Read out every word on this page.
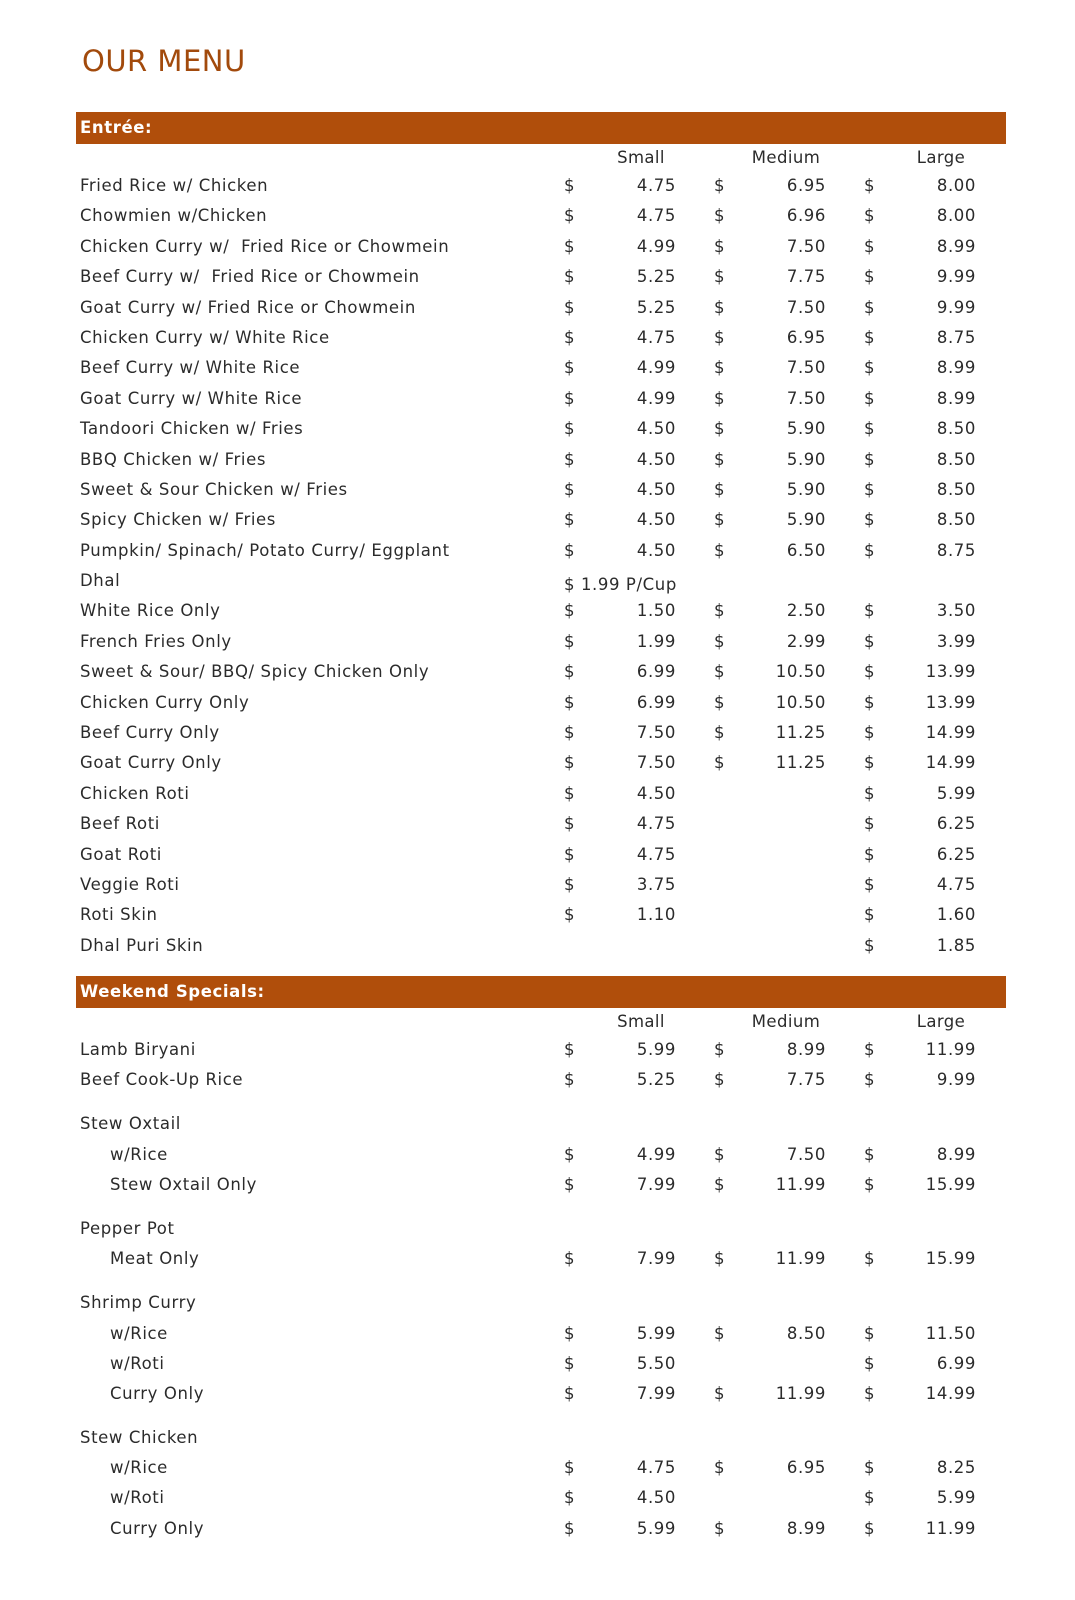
OUR MENU
Entrée:
Small	Medium	Large
Fried Rice w/ Chicken	$	4.75 $	6.95 $	8.00
Chowmien w/Chicken	$	4.75 $	6.96 $	8.00
Chicken Curry w/  Fried Rice or Chowmein	$	4.99 $	7.50 $	8.99
Beef Curry w/  Fried Rice or Chowmein	$	5.25 $	7.75 $	9.99
Goat Curry w/ Fried Rice or Chowmein	$	5.25 $	7.50 $	9.99
Chicken Curry w/ White Rice	$	4.75 $	6.95 $	8.75
Beef Curry w/ White Rice	$	4.99 $	7.50 $	8.99
Goat Curry w/ White Rice	$	4.99 $	7.50 $	8.99
Tandoori Chicken w/ Fries	$	4.50 $	5.90 $	8.50
BBQ Chicken w/ Fries	$	4.50 $	5.90 $	8.50
Sweet & Sour Chicken w/ Fries	$	4.50 $	5.90 $	8.50
Spicy Chicken w/ Fries	$	4.50 $	5.90 $	8.50
Pumpkin/ Spinach/ Potato Curry/ Eggplant	$	4.50 $	6.50 $	8.75
Dhal	$ 1.99 P/Cup
White Rice Only	$	1.50 $	2.50 $	3.50
French Fries Only	$	1.99 $	2.99 $	3.99
Sweet & Sour/ BBQ/ Spicy Chicken Only	$	6.99 $	10.50 $	13.99
Chicken Curry Only	$	6.99 $	10.50 $	13.99
Beef Curry Only	$	7.50 $	11.25 $	14.99
Goat Curry Only	$	7.50 $	11.25 $	14.99
Chicken Roti	$	4.50	$	5.99
Beef Roti	$	4.75	$	6.25
Goat Roti	$	4.75	$	6.25
Veggie Roti	$	3.75	$	4.75
Roti Skin	$	1.10	$	1.60
Dhal Puri Skin	$	1.85
Weekend Specials:
Small	Medium	Large
Lamb Biryani	$	5.99 $	8.99 $	11.99
Beef Cook-Up Rice	$	5.25 $	7.75 $	9.99
Stew Oxtail
w/Rice	$	4.99 $	7.50 $	8.99
Stew Oxtail Only	$	7.99 $	11.99 $	15.99
Pepper Pot
Meat Only	$	7.99 $	11.99 $	15.99
Shrimp Curry
w/Rice	$	5.99 $	8.50 $	11.50
w/Roti	$	5.50	$	6.99
Curry Only	$	7.99 $	11.99 $	14.99
Stew Chicken
w/Rice	$	4.75 $	6.95 $	8.25
w/Roti	$	4.50	$	5.99
Curry Only	$	5.99 $	8.99 $	11.99
